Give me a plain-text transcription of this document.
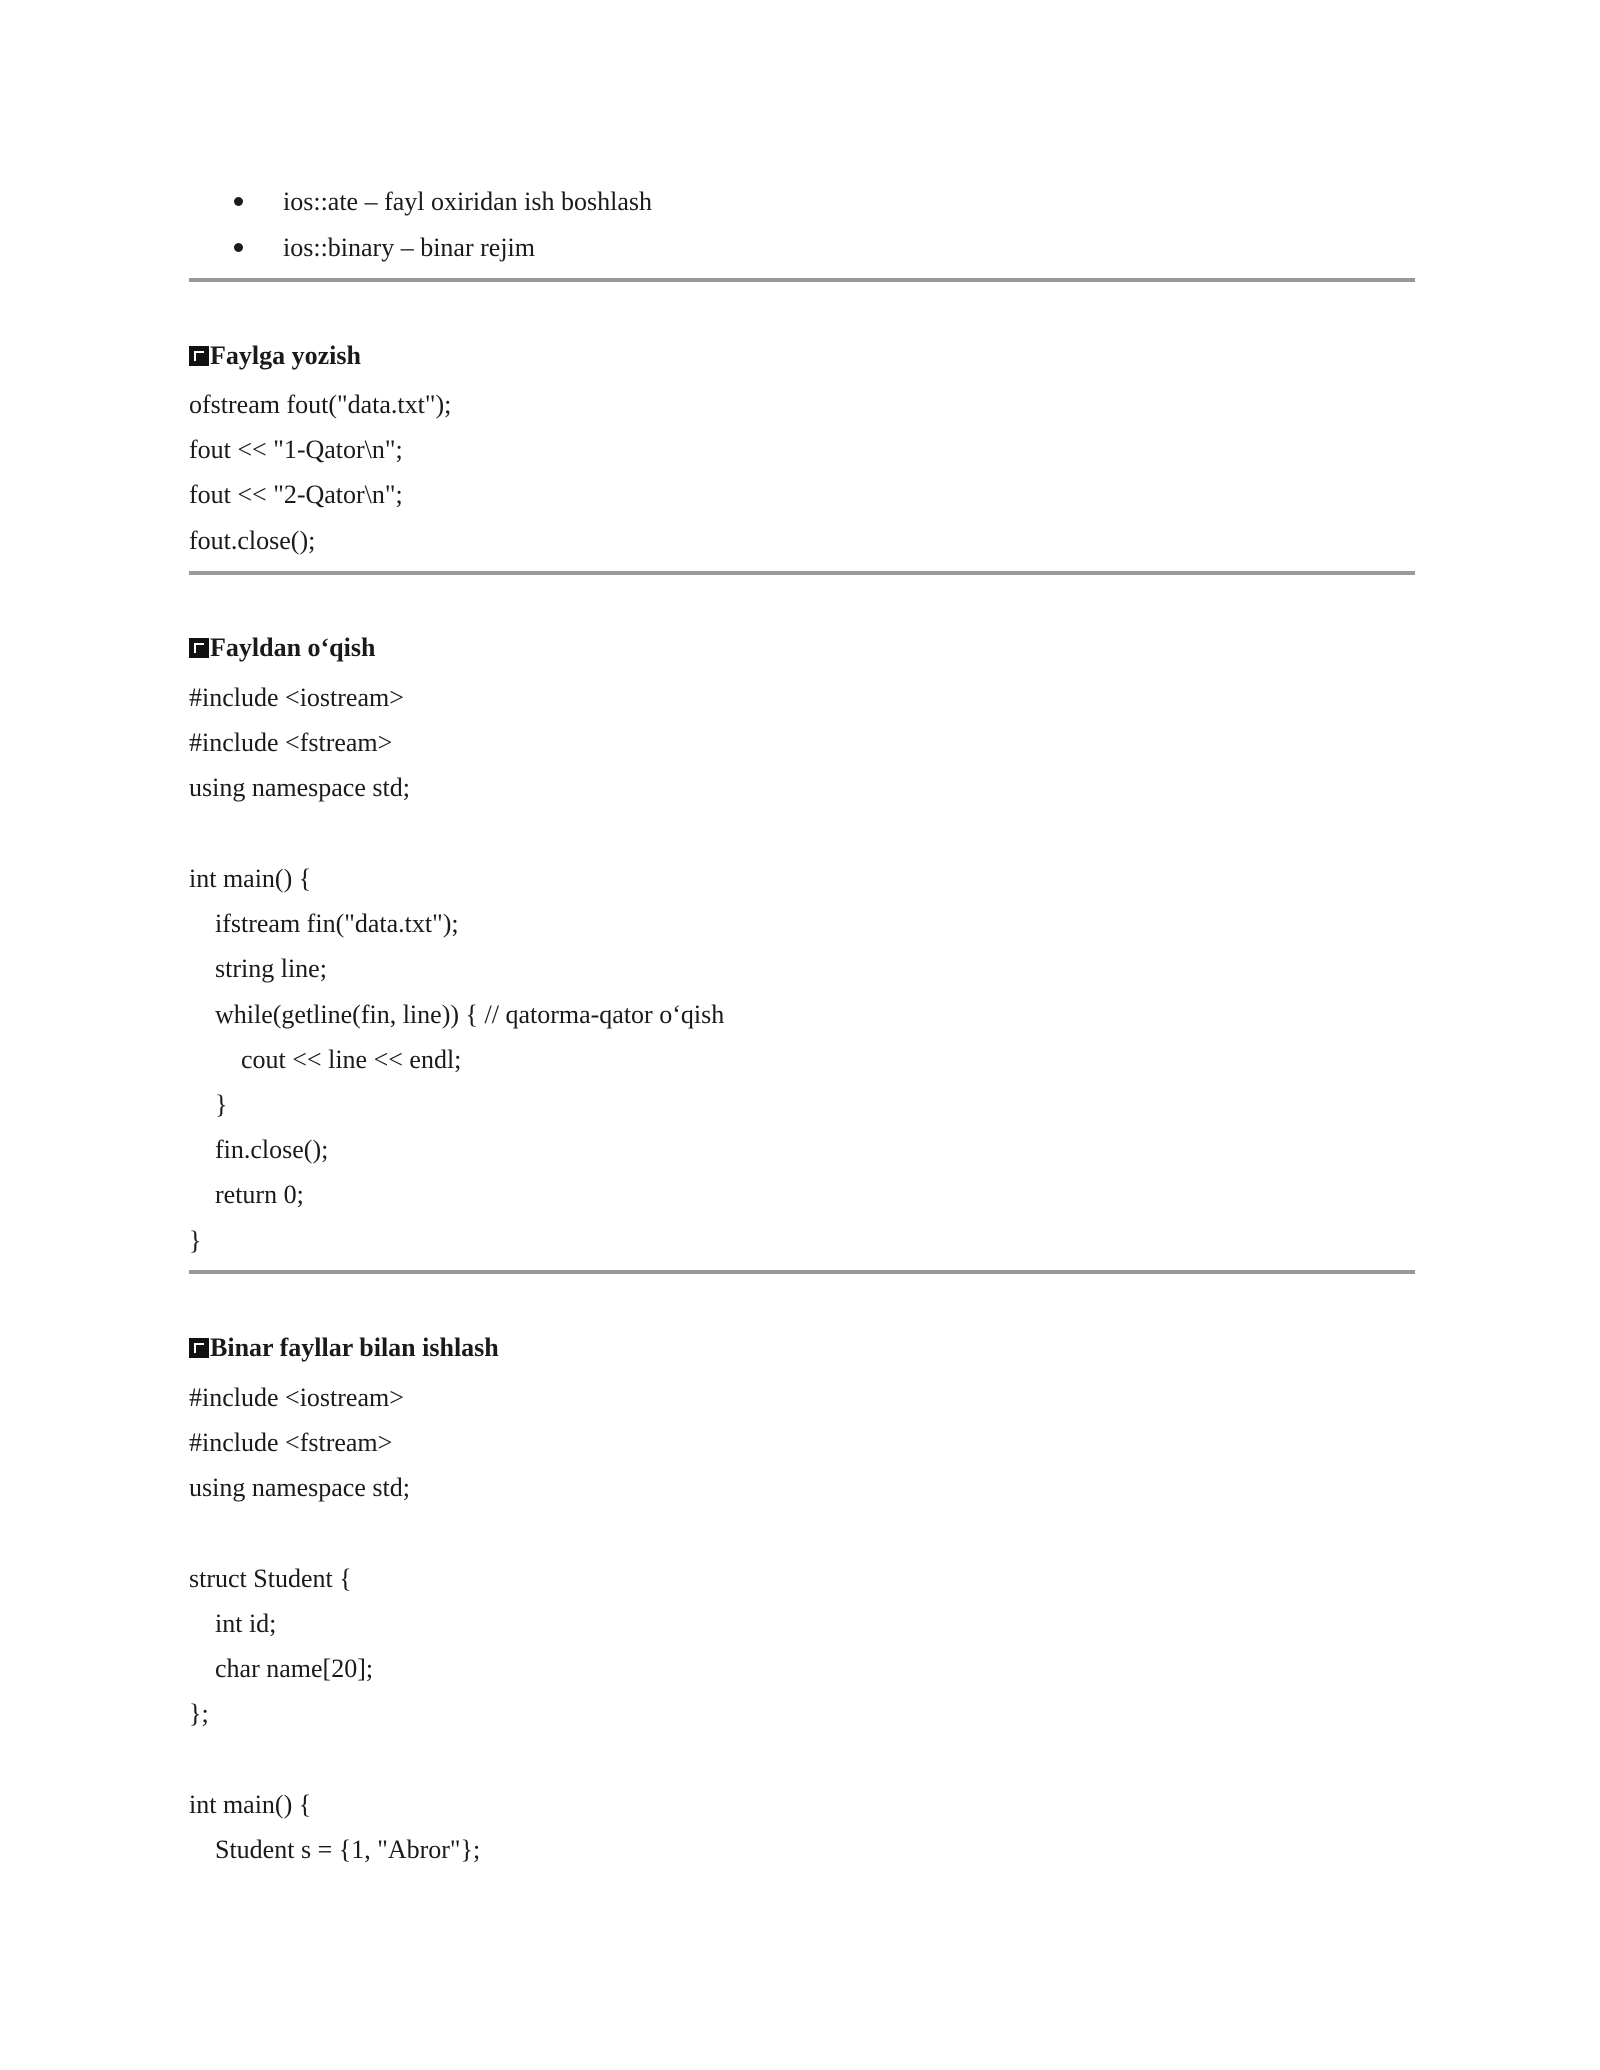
ios::ate – fayl oxiridan ish boshlash
ios::binary – binar rejim
Faylga yozish
ofstream fout("data.txt");
fout << "1-Qator\n";
fout << "2-Qator\n";
fout.close();
Fayldan o‘qish
#include <iostream>
#include <fstream>
using namespace std;
int main() {
ifstream fin("data.txt");
string line;
while(getline(fin, line)) { // qatorma-qator o‘qish
cout << line << endl;
}
fin.close();
return 0;
}
Binar fayllar bilan ishlash
#include <iostream>
#include <fstream>
using namespace std;
struct Student {
int id;
char name[20];
};
int main() {
Student s = {1, "Abror"};
